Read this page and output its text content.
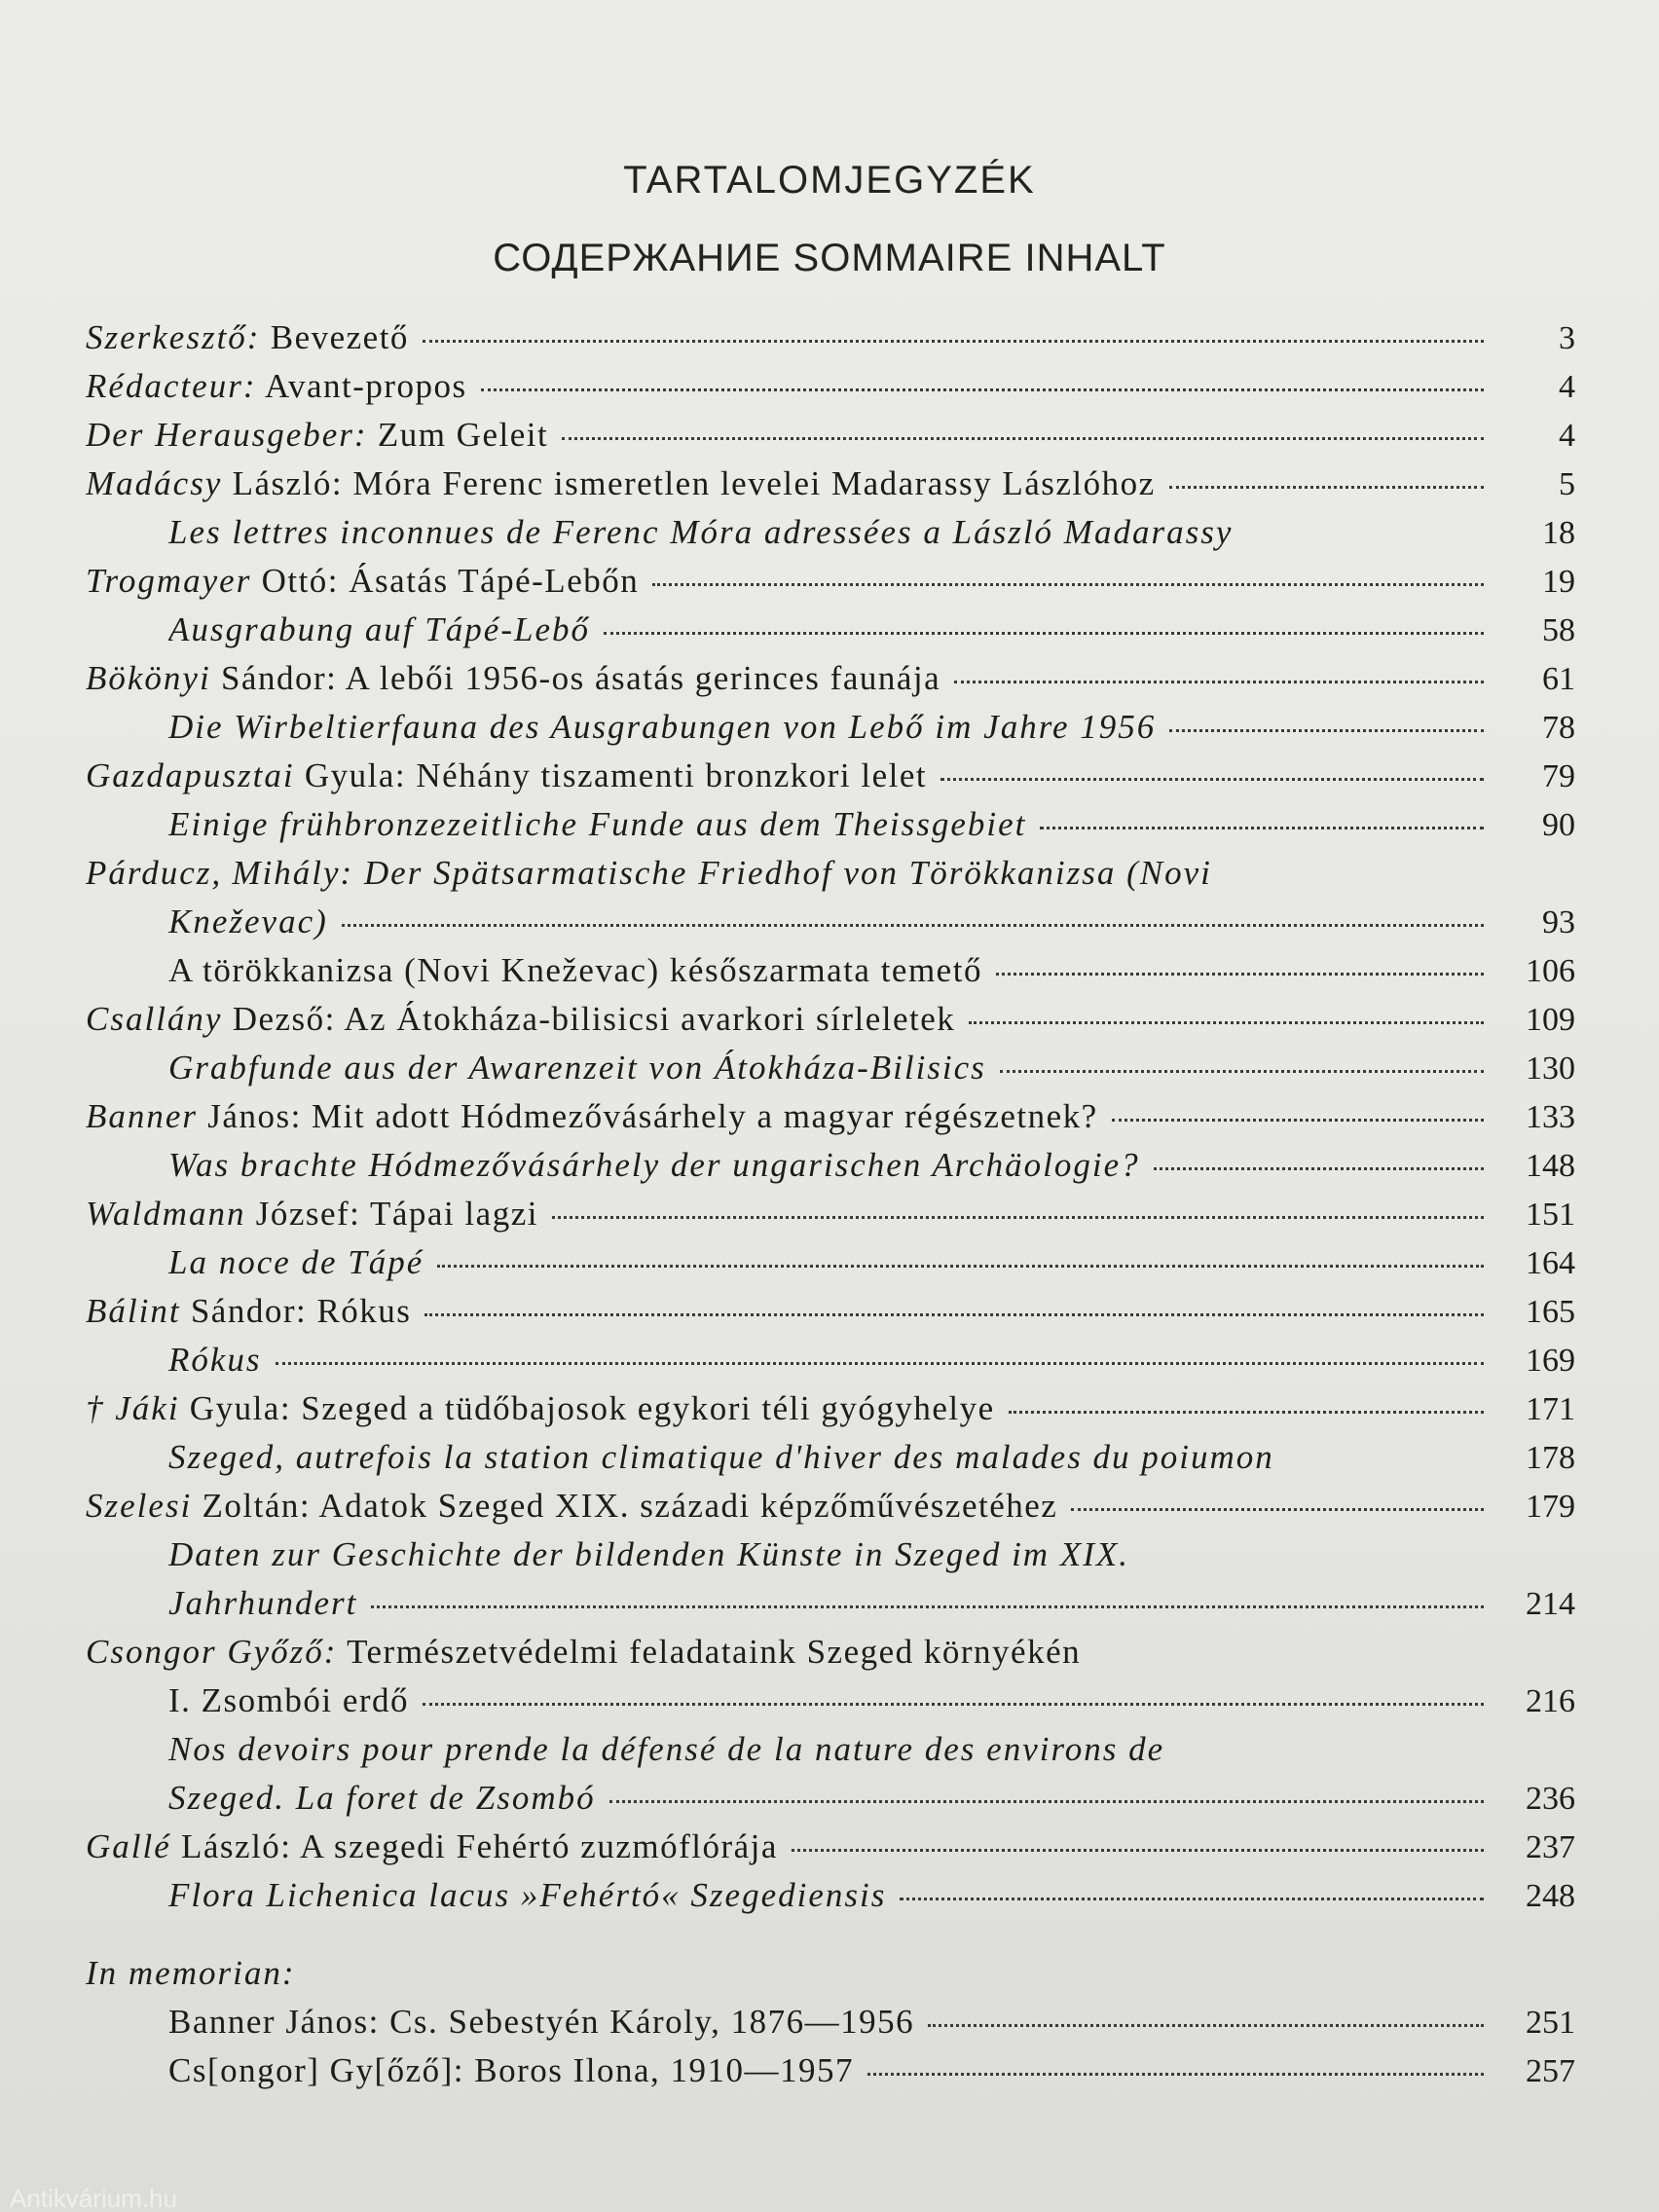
TARTALOMJEGYZÉK
СОДЕРЖАНИЕ SOMMAIRE INHALT
Szerkesztő: Bevezető	3
Rédacteur: Avant-propos	4
Der Herausgeber: Zum Geleit	4
Madácsy László: Móra Ferenc ismeretlen levelei Madarassy Lászlóhoz	5
Les lettres inconnues de Ferenc Móra adressées a László Madarassy	18
Trogmayer Ottó: Ásatás Tápé-Lebőn	19
Ausgrabung auf Tápé-Lebő	58
Bökönyi Sándor: A lebői 1956-os ásatás gerinces faunája	61
Die Wirbeltierfauna des Ausgrabungen von Lebő im Jahre 1956	78
Gazdapusztai Gyula: Néhány tiszamenti bronzkori lelet	79
Einige frühbronzezeitliche Funde aus dem Theissgebiet	90
Párducz, Mihály: Der Spätsarmatische Friedhof von Törökkanizsa (Novi
Kneževac)	93
A törökkanizsa (Novi Kneževac) későszarmata temető	106
Csallány Dezső: Az Átokháza-bilisicsi avarkori sírleletek	109
Grabfunde aus der Awarenzeit von Átokháza-Bilisics	130
Banner János: Mit adott Hódmezővásárhely a magyar régészetnek?	133
Was brachte Hódmezővásárhely der ungarischen Archäologie?	148
Waldmann József: Tápai lagzi	151
La noce de Tápé	164
Bálint Sándor: Rókus	165
Rókus	169
† Jáki Gyula: Szeged a tüdőbajosok egykori téli gyógyhelye	171
Szeged, autrefois la station climatique d'hiver des malades du poiumon	178
Szelesi Zoltán: Adatok Szeged XIX. századi képzőművészetéhez	179
Daten zur Geschichte der bildenden Künste in Szeged im XIX.
Jahrhundert	214
Csongor Győző: Természetvédelmi feladataink Szeged környékén
I. Zsombói erdő	216
Nos devoirs pour prende la défensé de la nature des environs de
Szeged. La foret de Zsombó	236
Gallé László: A szegedi Fehértó zuzmóflórája	237
Flora Lichenica lacus »Fehértó« Szegediensis	248
In memorian:
Banner János: Cs. Sebestyén Károly, 1876—1956	251
Cs[ongor] Gy[őző]: Boros Ilona, 1910—1957	257
Antikvárium.hu
